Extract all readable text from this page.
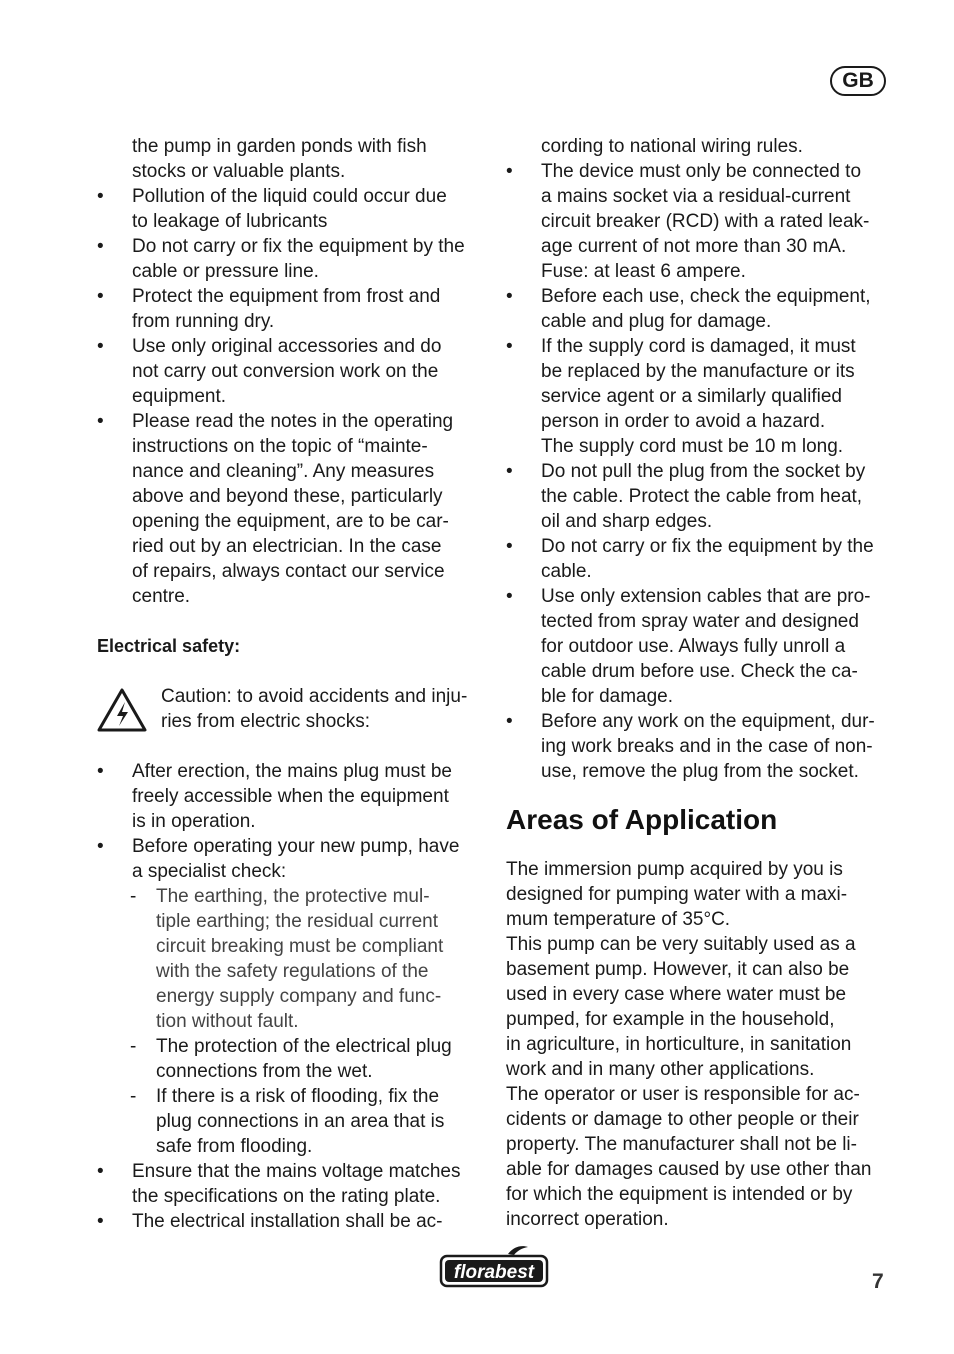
GB
the pump in garden ponds with fish
stocks or valuable plants.
• Pollution of the liquid could occur due
to leakage of lubricants
• Do not carry or fix the equipment by the
cable or pressure line.
• Protect the equipment from frost and
from running dry.
• Use only original accessories and do
not carry out conversion work on the
equipment.
• Please read the notes in the operating
instructions on the topic of “mainte-
nance and cleaning”. Any measures
above and beyond these, particularly
opening the equipment, are to be car-
ried out by an electrician. In the case
of repairs, always contact our service
centre.
Electrical safety:
Caution: to avoid accidents and inju-
ries from electric shocks:
• After erection, the mains plug must be
freely accessible when the equipment
is in operation.
• Before operating your new pump, have
a specialist check:
- The earthing, the protective mul-
tiple earthing; the residual current
circuit breaking must be compliant
with the safety regulations of the
energy supply company and func-
tion without fault.
- The protection of the electrical plug
connections from the wet.
- If there is a risk of flooding, fix the
plug connections in an area that is
safe from flooding.
• Ensure that the mains voltage matches
the specifications on the rating plate.
• The electrical installation shall be ac-
cording to national wiring rules.
• The device must only be connected to
a mains socket via a residual-current
circuit breaker (RCD) with a rated leak-
age current of not more than 30 mA.
Fuse: at least 6 ampere.
• Before each use, check the equipment,
cable and plug for damage.
• If the supply cord is damaged, it must
be replaced by the manufacture or its
service agent or a similarly qualified
person in order to avoid a hazard.
The supply cord must be 10 m long.
• Do not pull the plug from the socket by
the cable. Protect the cable from heat,
oil and sharp edges.
• Do not carry or fix the equipment by the
cable.
• Use only extension cables that are pro-
tected from spray water and designed
for outdoor use. Always fully unroll a
cable drum before use. Check the ca-
ble for damage.
• Before any work on the equipment, dur-
ing work breaks and in the case of non-
use, remove the plug from the socket.
Areas of Application
The immersion pump acquired by you is
designed for pumping water with a maxi-
mum temperature of 35°C.
This pump can be very suitably used as a
basement pump. However, it can also be
used in every case where water must be
pumped, for example in the household,
in agriculture, in horticulture, in sanitation
work and in many other applications.
The operator or user is responsible for ac-
cidents or damage to other people or their
property. The manufacturer shall not be li-
able for damages caused by use other than
for which the equipment is intended or by
incorrect operation.
florabest	7
